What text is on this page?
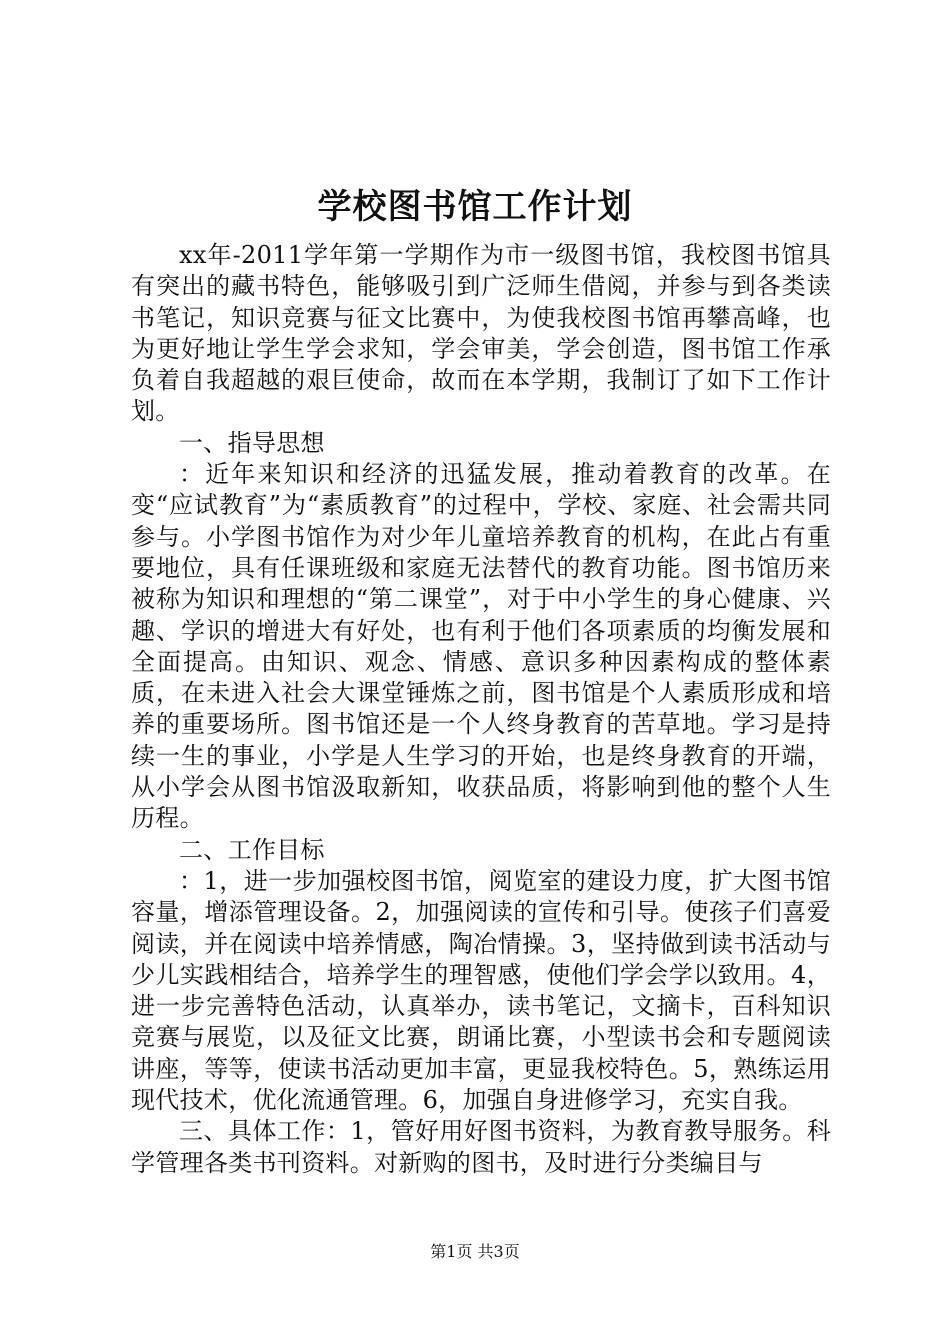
学校图书馆工作计划

xx年-2011学年第一学期作为市一级图书馆，我校图书馆具有突出的藏书特色，能够吸引到广泛师生借阅，并参与到各类读书笔记，知识竞赛与征文比赛中，为使我校图书馆再攀高峰，也为更好地让学生学会求知，学会审美，学会创造，图书馆工作承负着自我超越的艰巨使命，故而在本学期，我制订了如下工作计划。

一、指导思想

：近年来知识和经济的迅猛发展，推动着教育的改革。在变“应试教育”为“素质教育”的过程中，学校、家庭、社会需共同参与。小学图书馆作为对少年儿童培养教育的机构，在此占有重要地位，具有任课班级和家庭无法替代的教育功能。图书馆历来被称为知识和理想的“第二课堂”，对于中小学生的身心健康、兴趣、学识的增进大有好处，也有利于他们各项素质的均衡发展和全面提高。由知识、观念、情感、意识多种因素构成的整体素质，在未进入社会大课堂锤炼之前，图书馆是个人素质形成和培养的重要场所。图书馆还是一个人终身教育的苦草地。学习是持续一生的事业，小学是人生学习的开始，也是终身教育的开端，从小学会从图书馆汲取新知，收获品质，将影响到他的整个人生历程。

二、工作目标

：1，进一步加强校图书馆，阅览室的建设力度，扩大图书馆容量，增添管理设备。2，加强阅读的宣传和引导。使孩子们喜爱阅读，并在阅读中培养情感，陶冶情操。3，坚持做到读书活动与少儿实践相结合，培养学生的理智感，使他们学会学以致用。4，进一步完善特色活动，认真举办，读书笔记，文摘卡，百科知识竞赛与展览，以及征文比赛，朗诵比赛，小型读书会和专题阅读讲座，等等，使读书活动更加丰富，更显我校特色。5，熟练运用现代技术，优化流通管理。6，加强自身进修学习，充实自我。

三、具体工作：1，管好用好图书资料，为教育教导服务。科学管理各类书刊资料。对新购的图书，及时进行分类编目与

第1页 共3页
